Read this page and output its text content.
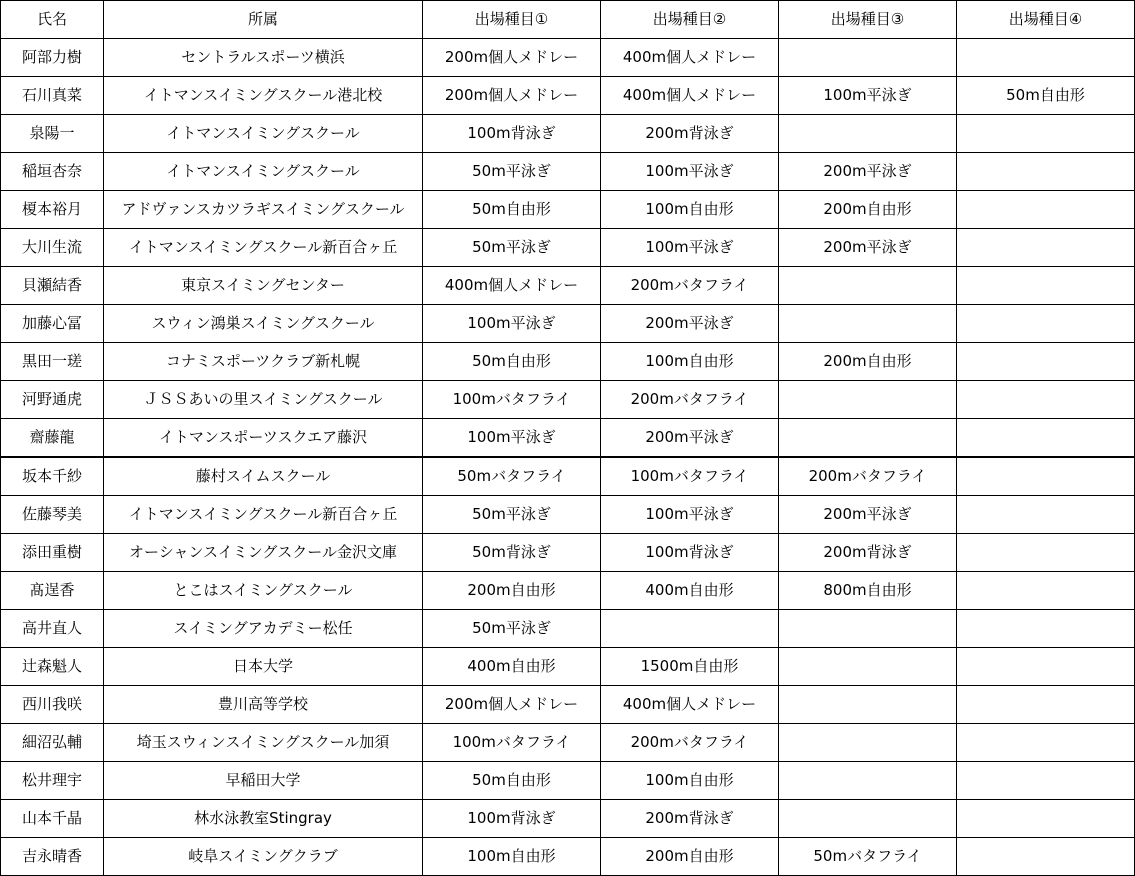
氏名	所属	出場種目①	出場種目②	出場種目③	出場種目④
阿部力樹	セントラルスポーツ横浜	200m個人メドレー	400m個人メドレー		
石川真菜	イトマンスイミングスクール港北校	200m個人メドレー	400m個人メドレー	100m平泳ぎ	50m自由形
泉陽一	イトマンスイミングスクール	100m背泳ぎ	200m背泳ぎ		
稲垣杏奈	イトマンスイミングスクール	50m平泳ぎ	100m平泳ぎ	200m平泳ぎ	
榎本裕月	アドヴァンスカツラギスイミングスクール	50m自由形	100m自由形	200m自由形	
大川生流	イトマンスイミングスクール新百合ヶ丘	50m平泳ぎ	100m平泳ぎ	200m平泳ぎ	
貝瀬結香	東京スイミングセンター	400m個人メドレー	200mバタフライ		
加藤心冨	スウィン鴻巣スイミングスクール	100m平泳ぎ	200m平泳ぎ		
黒田一瑳	コナミスポーツクラブ新札幌	50m自由形	100m自由形	200m自由形	
河野通虎	ＪＳＳあいの里スイミングスクール	100mバタフライ	200mバタフライ		
齋藤龍	イトマンスポーツスクエア藤沢	100m平泳ぎ	200m平泳ぎ		
坂本千紗	藤村スイムスクール	50mバタフライ	100mバタフライ	200mバタフライ	
佐藤琴美	イトマンスイミングスクール新百合ヶ丘	50m平泳ぎ	100m平泳ぎ	200m平泳ぎ	
添田重樹	オーシャンスイミングスクール金沢文庫	50m背泳ぎ	100m背泳ぎ	200m背泳ぎ	
髙逞香	とこはスイミングスクール	200m自由形	400m自由形	800m自由形	
高井直人	スイミングアカデミー松任	50m平泳ぎ			
辻森魁人	日本大学	400m自由形	1500m自由形		
西川我咲	豊川高等学校	200m個人メドレー	400m個人メドレー		
細沼弘輔	埼玉スウィンスイミングスクール加須	100mバタフライ	200mバタフライ		
松井理宇	早稲田大学	50m自由形	100m自由形		
山本千晶	林水泳教室Stingray	100m背泳ぎ	200m背泳ぎ		
吉永晴香	岐阜スイミングクラブ	100m自由形	200m自由形	50mバタフライ	
